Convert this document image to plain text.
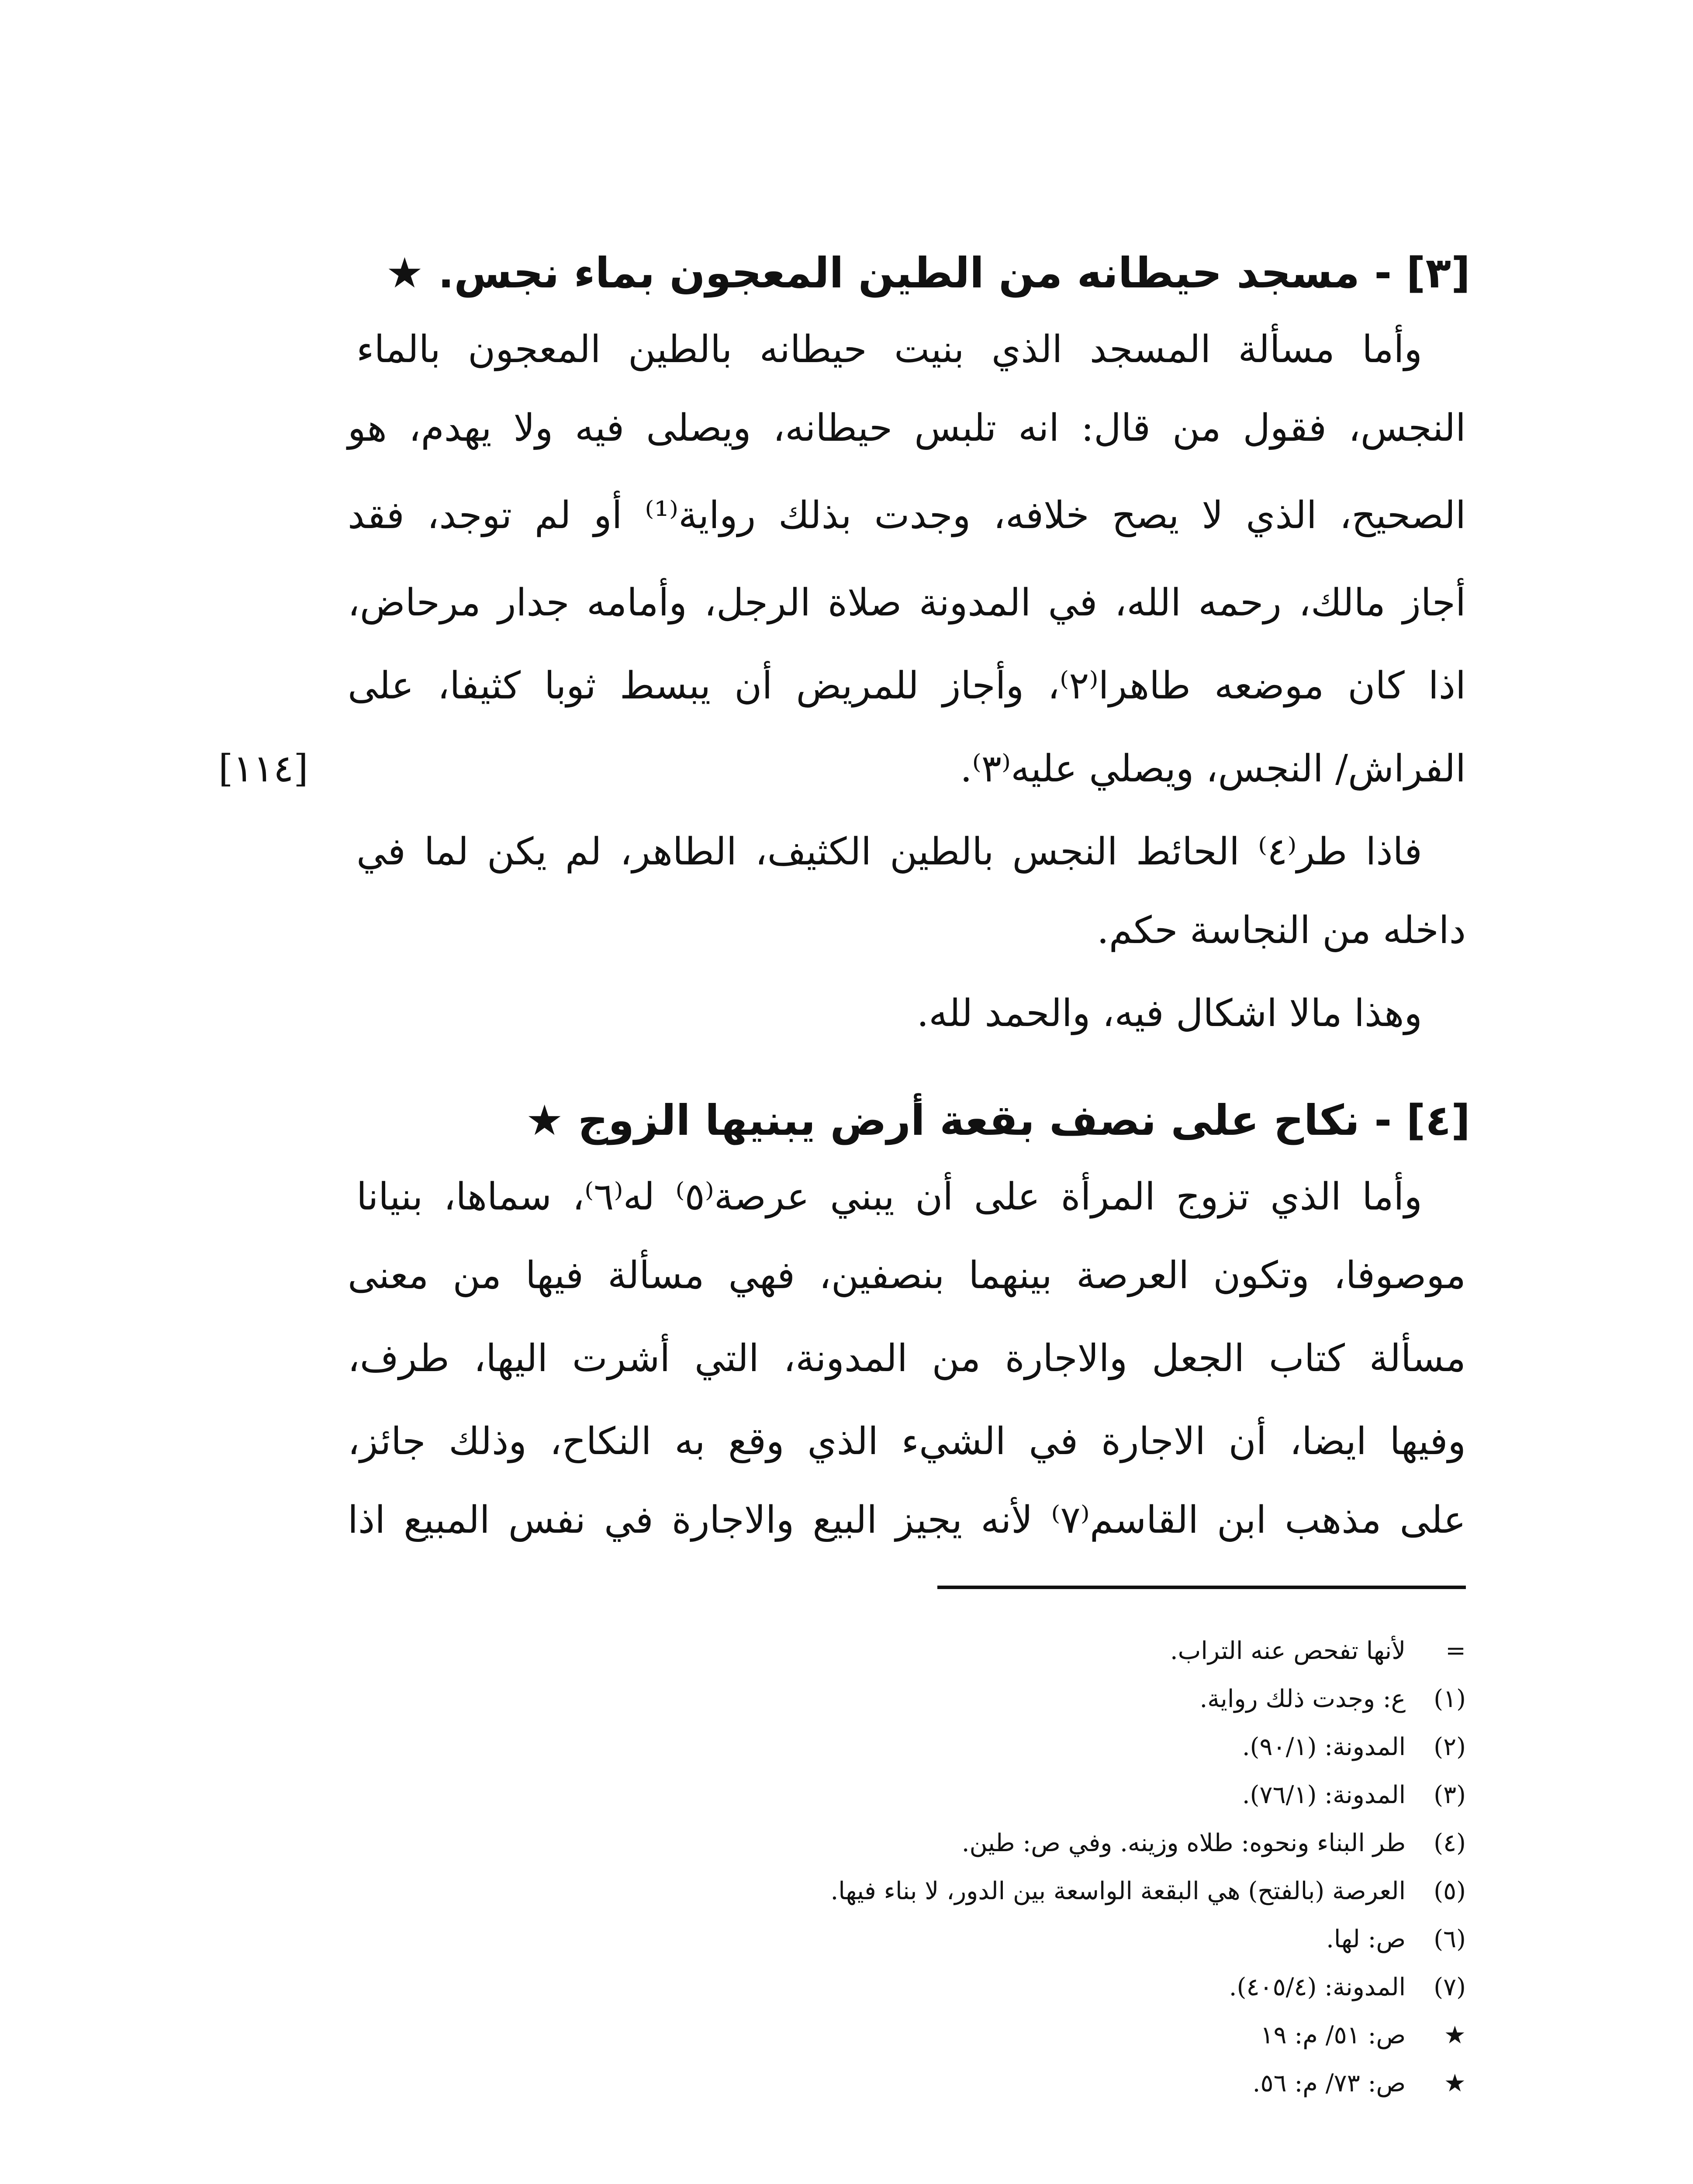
[٣] - مسجد حيطانه من الطين المعجون بماء نجس. ★
وأما مسألة المسجد الذي بنيت حيطانه بالطين المعجون بالماء
النجس، فقول من قال: انه تلبس حيطانه، ويصلى فيه ولا يهدم، هو
الصحيح، الذي لا يصح خلافه، وجدت بذلك رواية⁽¹⁾ أو لم توجد، فقد
أجاز مالك، رحمه الله، في المدونة صلاة الرجل، وأمامه جدار مرحاض،
اذا كان موضعه طاهرا⁽٢⁾، وأجاز للمريض أن يبسط ثوبا كثيفا، على
الفراش/ النجس، ويصلي عليه⁽٣⁾.
[١١٤]
فاذا طر⁽٤⁾ الحائط النجس بالطين الكثيف، الطاهر، لم يكن لما في
داخله من النجاسة حكم.
وهذا مالا اشكال فيه، والحمد لله.
[٤] - نكاح على نصف بقعة أرض يبنيها الزوج ★
وأما الذي تزوج المرأة على أن يبني عرصة⁽٥⁾ له⁽٦⁾، سماها، بنيانا
موصوفا، وتكون العرصة بينهما بنصفين، فهي مسألة فيها من معنى
مسألة كتاب الجعل والاجارة من المدونة، التي أشرت اليها، طرف،
وفيها ايضا، أن الاجارة في الشيء الذي وقع به النكاح، وذلك جائز،
على مذهب ابن القاسم⁽٧⁾ لأنه يجيز البيع والاجارة في نفس المبيع اذا
= لأنها تفحص عنه التراب.
(١) ع: وجدت ذلك رواية.
(٢) المدونة: (٩٠/١).
(٣) المدونة: (٧٦/١).
(٤) طر البناء ونحوه: طلاه وزينه. وفي ص: طين.
(٥) العرصة (بالفتح) هي البقعة الواسعة بين الدور، لا بناء فيها.
(٦) ص: لها.
(٧) المدونة: (٤٠٥/٤).
★ ص: ٥١/ م: ١٩
★ ص: ٧٣/ م: ٥٦.
